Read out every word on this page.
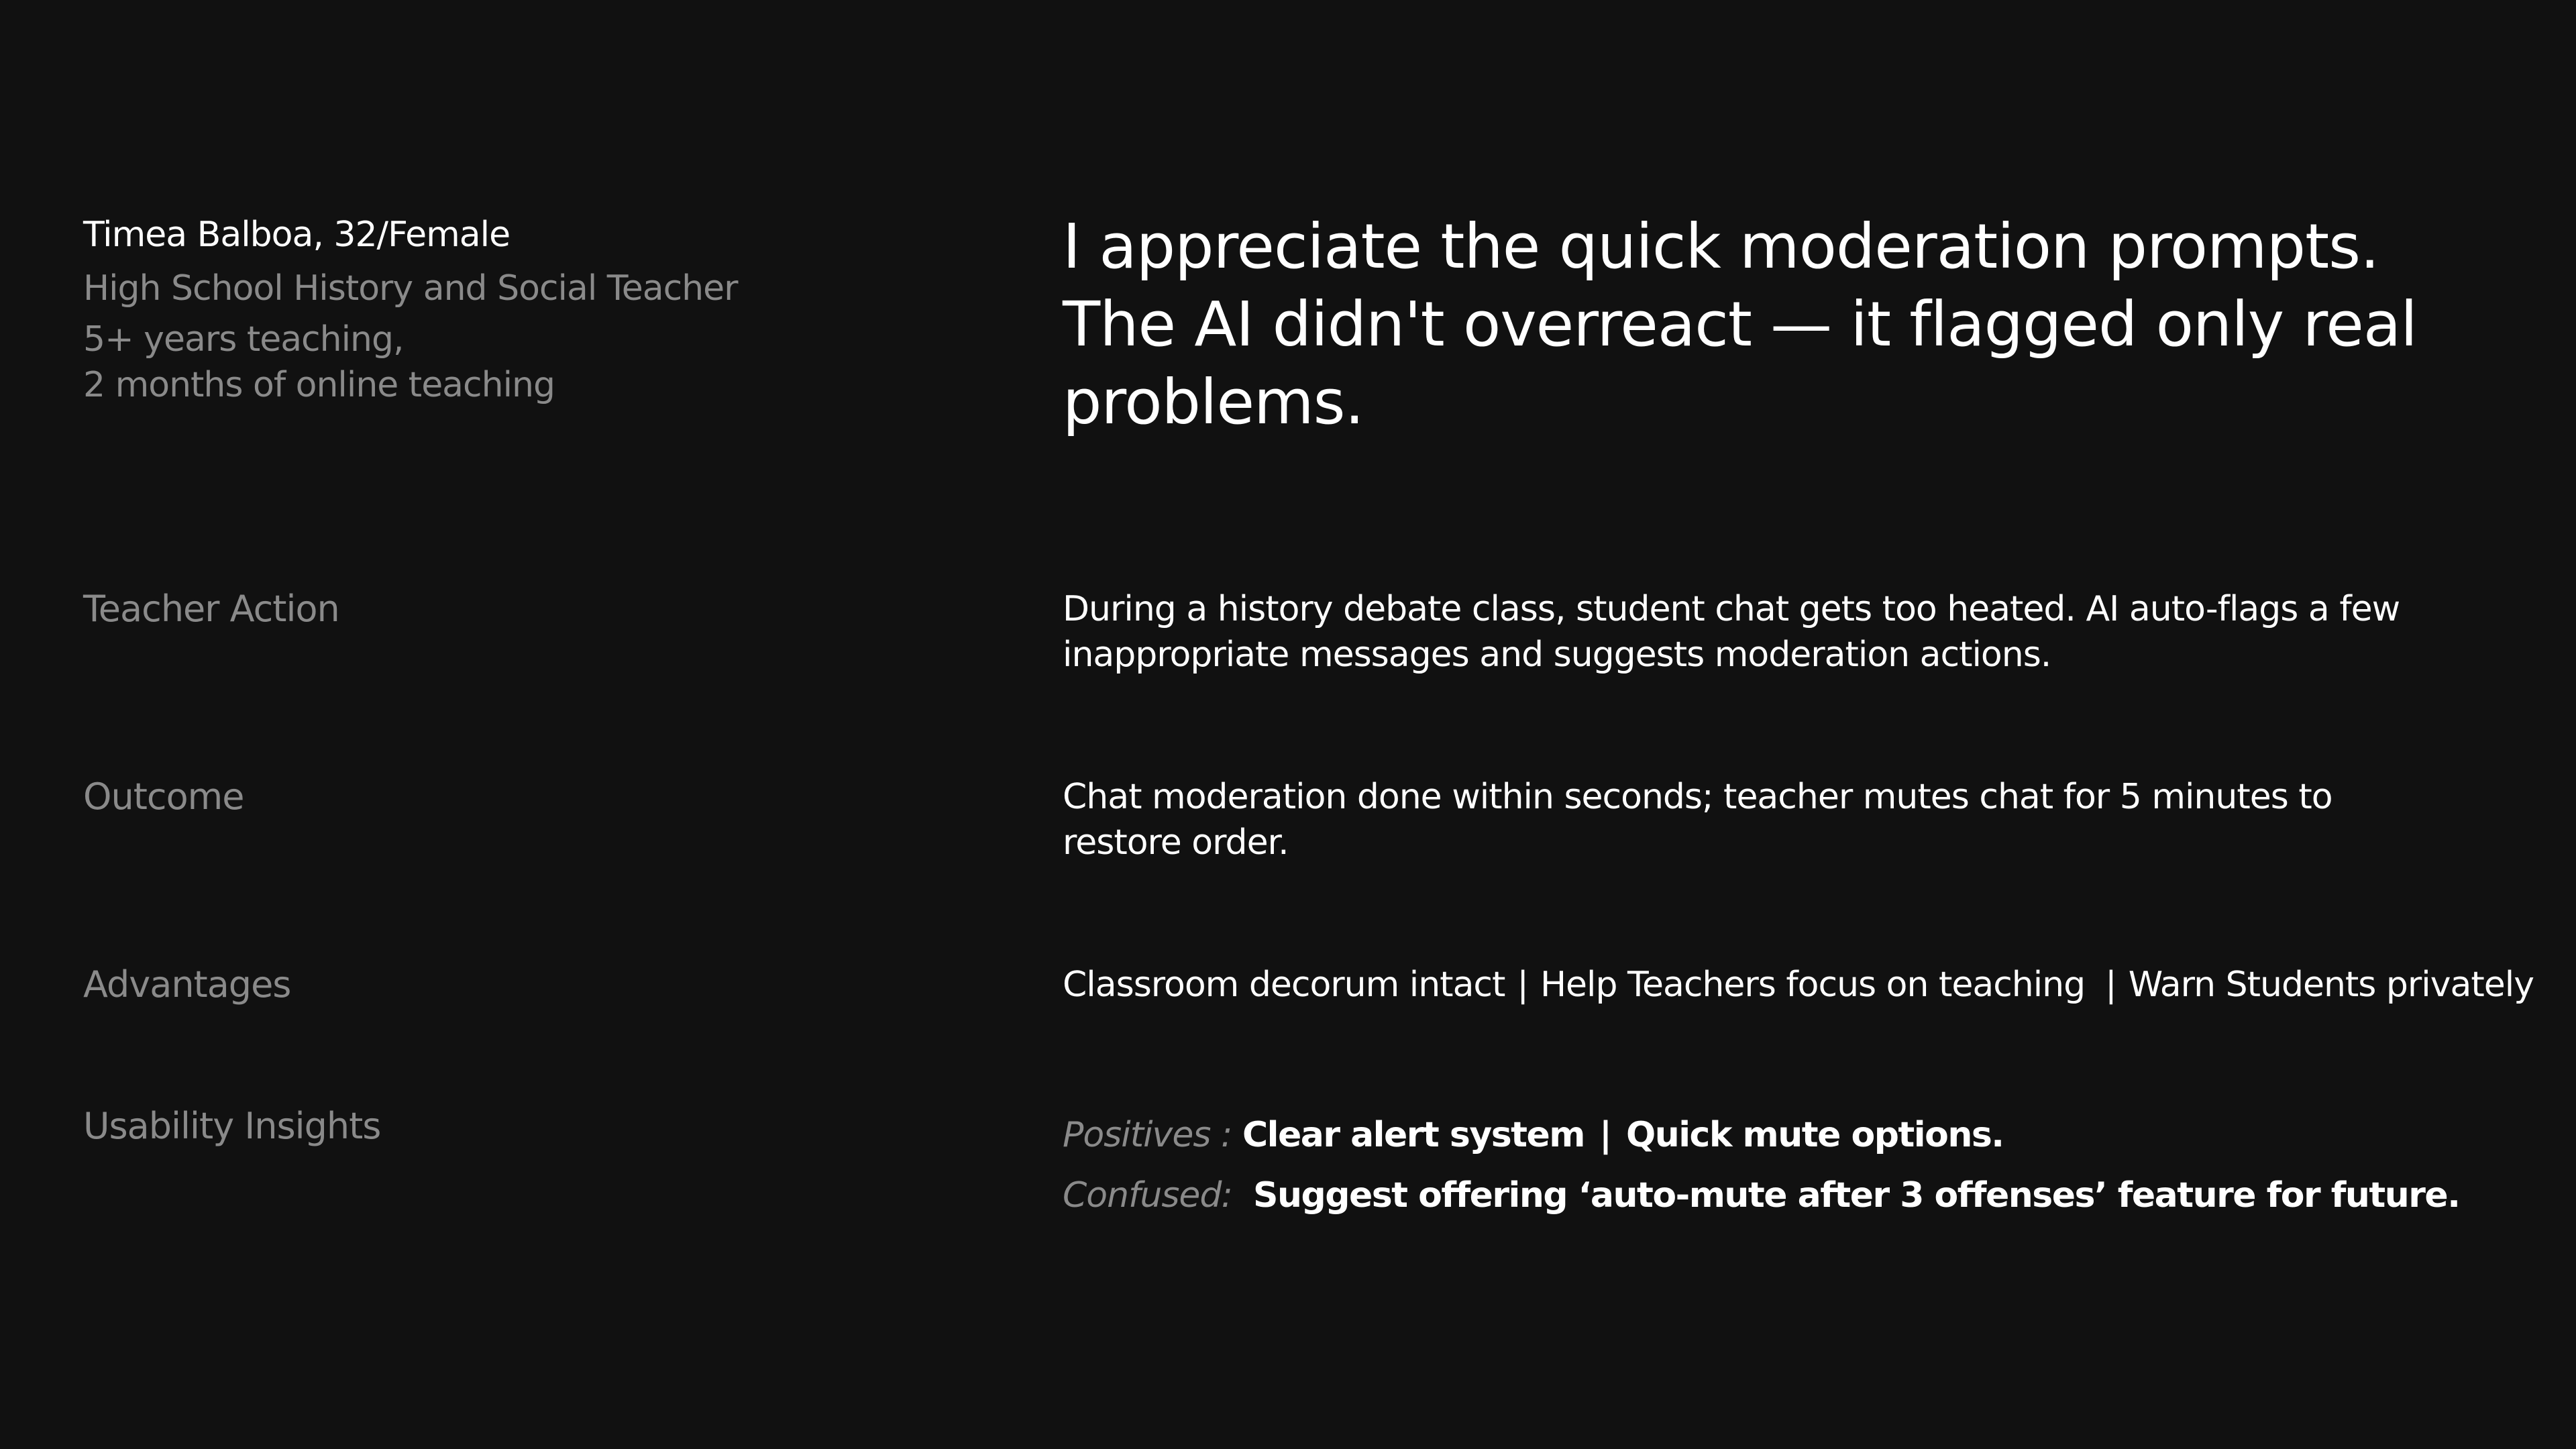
Timea Balboa, 32/Female
High School History and Social Teacher
5+ years teaching,
2 months of online teaching
I appreciate the quick moderation prompts.
The AI didn't overreact — it flagged only real
problems.
Teacher Action	During a history debate class, student chat gets too heated. AI auto-flags a few
inappropriate messages and suggests moderation actions.
Outcome	Chat moderation done within seconds; teacher mutes chat for 5 minutes to
restore order.
Advantages	Classroom decorum intact | Help Teachers focus on teaching | Warn Students privately
Usability Insights	Positives : Clear alert system | Quick mute options.
Confused: Suggest offering ‘auto-mute after 3 offenses’ feature for future.
